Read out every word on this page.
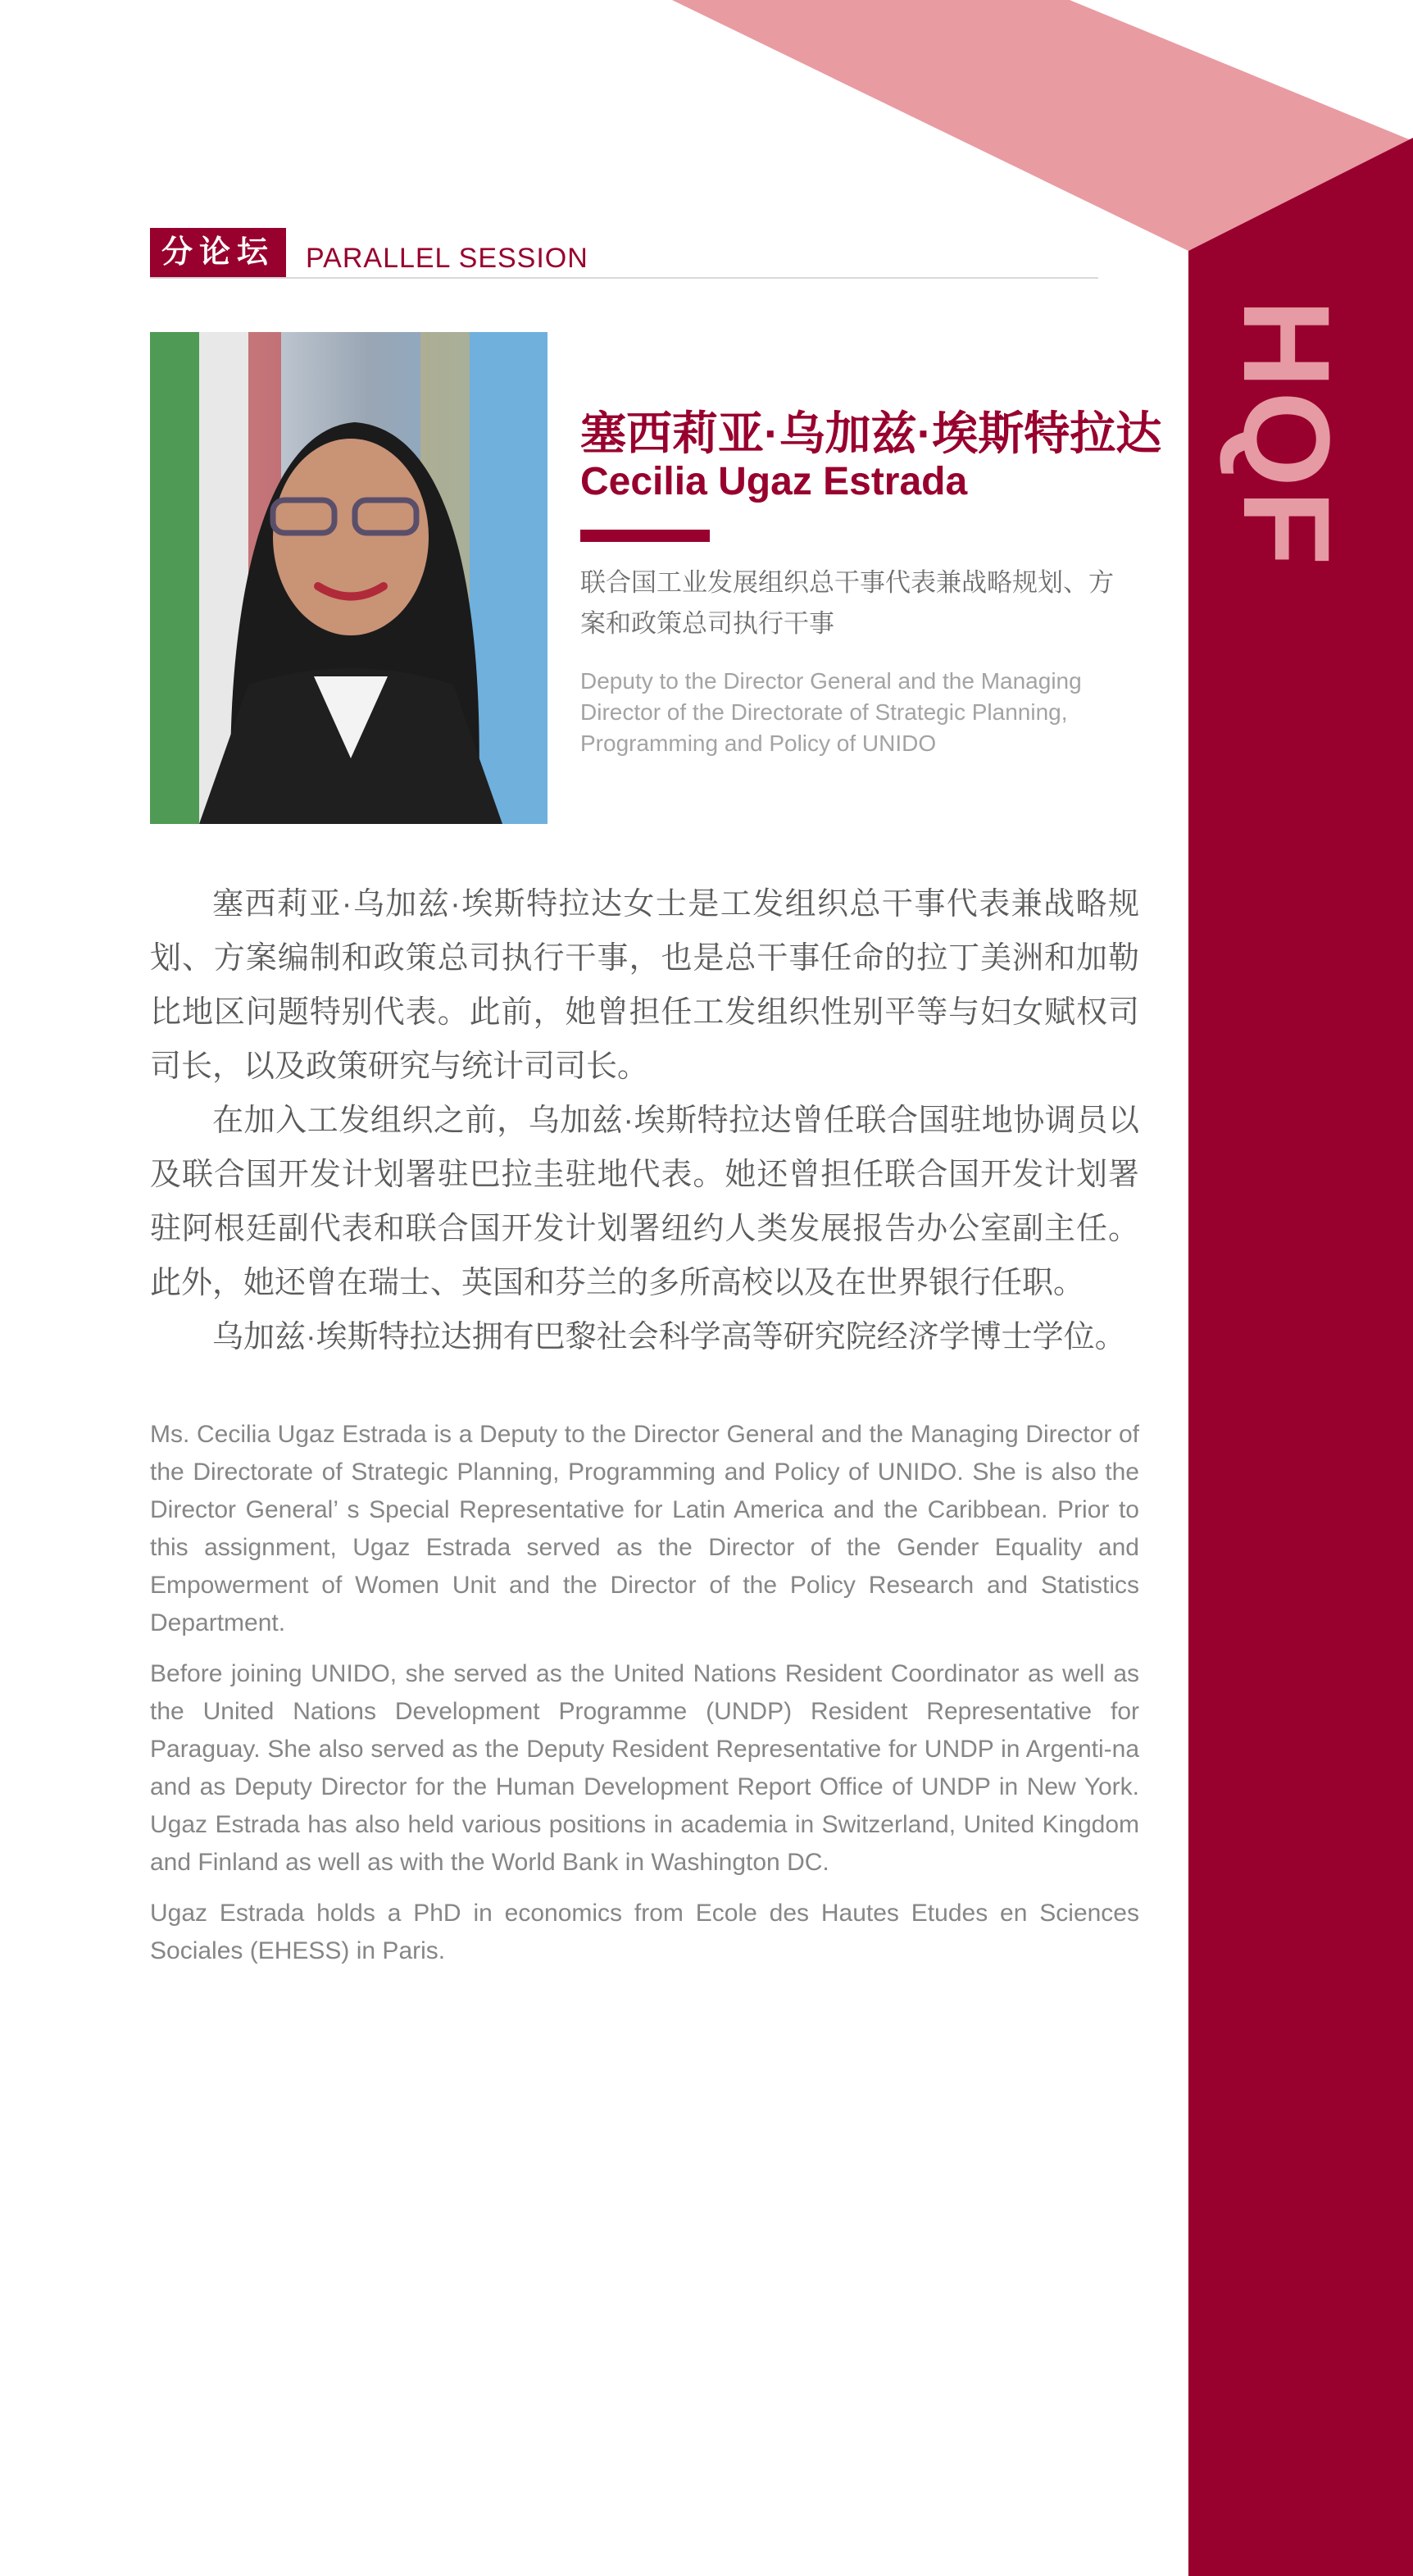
HQF
分论坛	PARALLEL SESSION
塞西莉亚·乌加兹·埃斯特拉达
Cecilia Ugaz Estrada
联合国工业发展组织总干事代表兼战略规划、方案和政策总司执行干事
Deputy to the Director General and the Managing Director of the Directorate of Strategic Planning, Programming and Policy of UNIDO

塞西莉亚·乌加兹·埃斯特拉达女士是工发组织总干事代表兼战略规划、方案编制和政策总司执行干事，也是总干事任命的拉丁美洲和加勒比地区问题特别代表。此前，她曾担任工发组织性别平等与妇女赋权司司长，以及政策研究与统计司司长。

在加入工发组织之前，乌加兹·埃斯特拉达曾任联合国驻地协调员以及联合国开发计划署驻巴拉圭驻地代表。她还曾担任联合国开发计划署驻阿根廷副代表和联合国开发计划署纽约人类发展报告办公室副主任。此外，她还曾在瑞士、英国和芬兰的多所高校以及在世界银行任职。

乌加兹·埃斯特拉达拥有巴黎社会科学高等研究院经济学博士学位。

Ms. Cecilia Ugaz Estrada is a Deputy to the Director General and the Managing Director of the Directorate of Strategic Planning, Programming and Policy of UNIDO. She is also the Director General’ s Special Representative for Latin America and the Caribbean. Prior to this assignment, Ugaz Estrada served as the Director of the Gender Equality and Empowerment of Women Unit and the Director of the Policy Research and Statistics Department.

Before joining UNIDO, she served as the United Nations Resident Coordinator as well as the United Nations Development Programme (UNDP) Resident Representative for Paraguay. She also served as the Deputy Resident Representative for UNDP in Argenti-na and as Deputy Director for the Human Development Report Office of UNDP in New York. Ugaz Estrada has also held various positions in academia in Switzerland, United Kingdom and Finland as well as with the World Bank in Washington DC.

Ugaz Estrada holds a PhD in economics from Ecole des Hautes Etudes en Sciences Sociales (EHESS) in Paris.
